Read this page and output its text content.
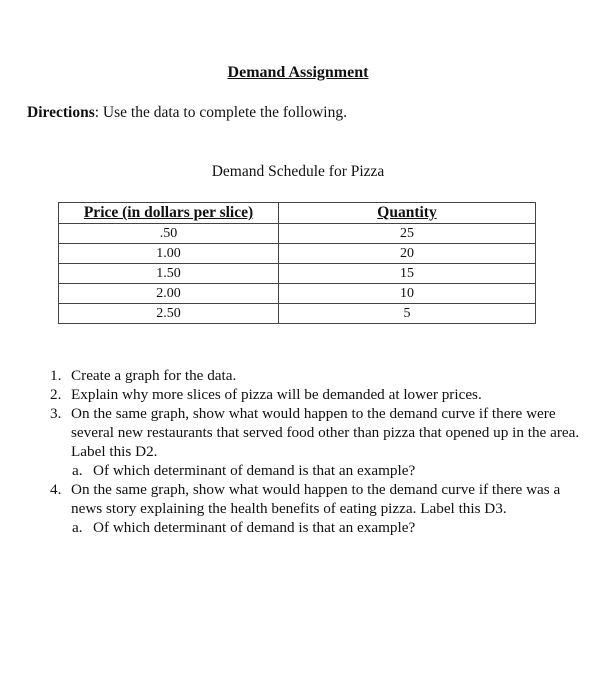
Demand Assignment
Directions: Use the data to complete the following.
Demand Schedule for Pizza
Price (in dollars per slice)	Quantity
.50	25
1.00	20
1.50	15
2.00	10
2.50	5
1. Create a graph for the data.
2. Explain why more slices of pizza will be demanded at lower prices.
3. On the same graph, show what would happen to the demand curve if there were several new restaurants that served food other than pizza that opened up in the area. Label this D2.
a. Of which determinant of demand is that an example?
4. On the same graph, show what would happen to the demand curve if there was a news story explaining the health benefits of eating pizza. Label this D3.
a. Of which determinant of demand is that an example?
